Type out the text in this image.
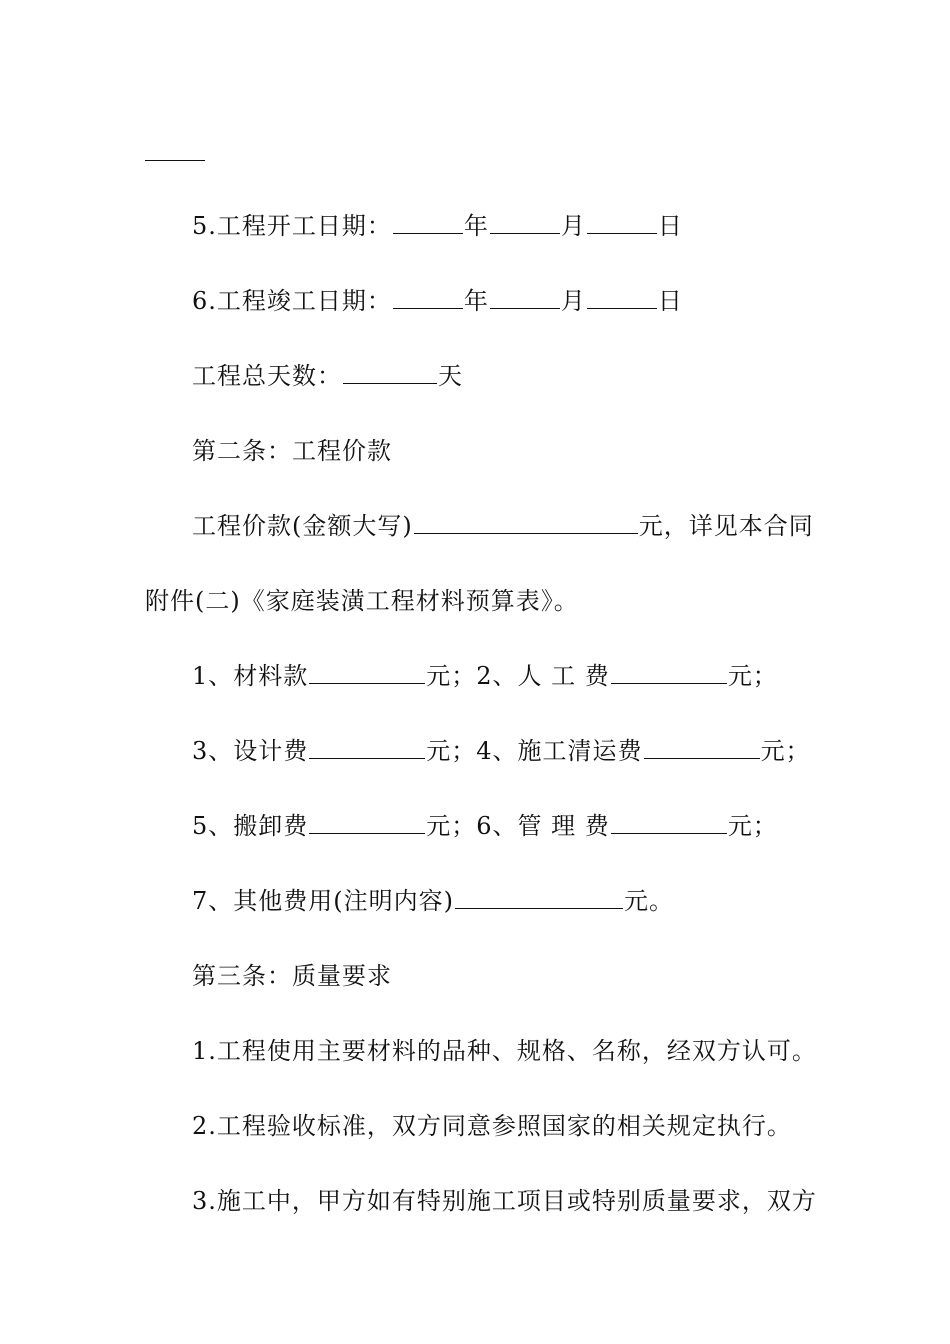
5.工程开工日期：	年	月	日
6.工程竣工日期：	年	月	日
工程总天数：	天
第二条：工程价款
工程价款(金额大写)	元，详见本合同
附件(二)《家庭装潢工程材料预算表》。
1、材料款	元；2、人 工 费	元；
3、设计费	元；4、施工清运费	元；
5、搬卸费	元；6、管 理 费	元；
7、其他费用(注明内容)	元。
第三条：质量要求
1.工程使用主要材料的品种、规格、名称，经双方认可。
2.工程验收标准，双方同意参照国家的相关规定执行。
3.施工中，甲方如有特别施工项目或特别质量要求，双方
